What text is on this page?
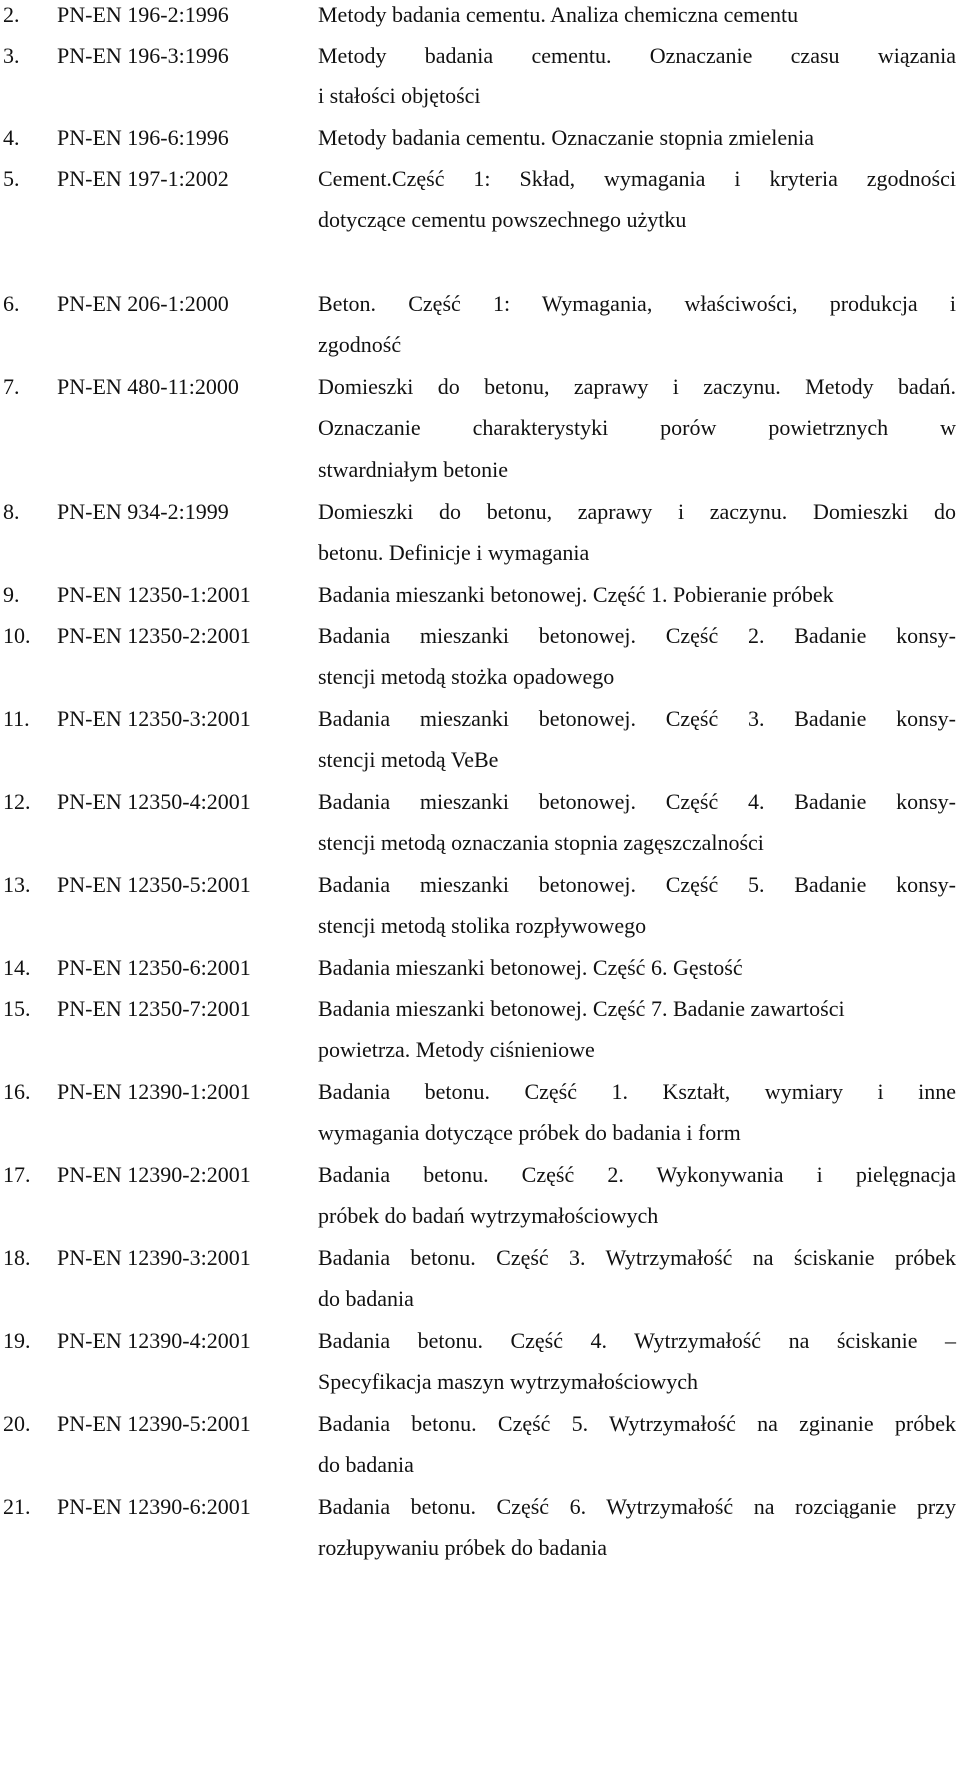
2. PN-EN 196-2:1996	Metody badania cementu. Analiza chemiczna cementu
3. PN-EN 196-3:1996	Metody badania cementu. Oznaczanie czasu wiązania
i stałości objętości
4. PN-EN 196-6:1996	Metody badania cementu. Oznaczanie stopnia zmielenia
5. PN-EN 197-1:2002	Cement.Część 1: Skład, wymagania i kryteria zgodności
dotyczące cementu powszechnego użytku
6. PN-EN 206-1:2000	Beton. Część 1: Wymagania, właściwości, produkcja i
zgodność
7. PN-EN 480-11:2000	Domieszki do betonu, zaprawy i zaczynu. Metody badań.
Oznaczanie charakterystyki porów powietrznych w
stwardniałym betonie
8. PN-EN 934-2:1999	Domieszki do betonu, zaprawy i zaczynu. Domieszki do
betonu. Definicje i wymagania
9. PN-EN 12350-1:2001	Badania mieszanki betonowej. Część 1. Pobieranie próbek
10. PN-EN 12350-2:2001	Badania mieszanki betonowej. Część 2. Badanie konsy-
stencji metodą stożka opadowego
11. PN-EN 12350-3:2001	Badania mieszanki betonowej. Część 3. Badanie konsy-
stencji metodą VeBe
12. PN-EN 12350-4:2001	Badania mieszanki betonowej. Część 4. Badanie konsy-
stencji metodą oznaczania stopnia zagęszczalności
13. PN-EN 12350-5:2001	Badania mieszanki betonowej. Część 5. Badanie konsy-
stencji metodą stolika rozpływowego
14. PN-EN 12350-6:2001	Badania mieszanki betonowej. Część 6. Gęstość
15. PN-EN 12350-7:2001	Badania mieszanki betonowej. Część 7. Badanie zawartości
powietrza. Metody ciśnieniowe
16. PN-EN 12390-1:2001	Badania betonu. Część 1. Kształt, wymiary i inne
wymagania dotyczące próbek do badania i form
17. PN-EN 12390-2:2001	Badania betonu. Część 2. Wykonywania i pielęgnacja
próbek do badań wytrzymałościowych
18. PN-EN 12390-3:2001	Badania betonu. Część 3. Wytrzymałość na ściskanie próbek
do badania
19. PN-EN 12390-4:2001	Badania betonu. Część 4. Wytrzymałość na ściskanie –
Specyfikacja maszyn wytrzymałościowych
20. PN-EN 12390-5:2001	Badania betonu. Część 5. Wytrzymałość na zginanie próbek
do badania
21. PN-EN 12390-6:2001	Badania betonu. Część 6. Wytrzymałość na rozciąganie przy
rozłupywaniu próbek do badania
